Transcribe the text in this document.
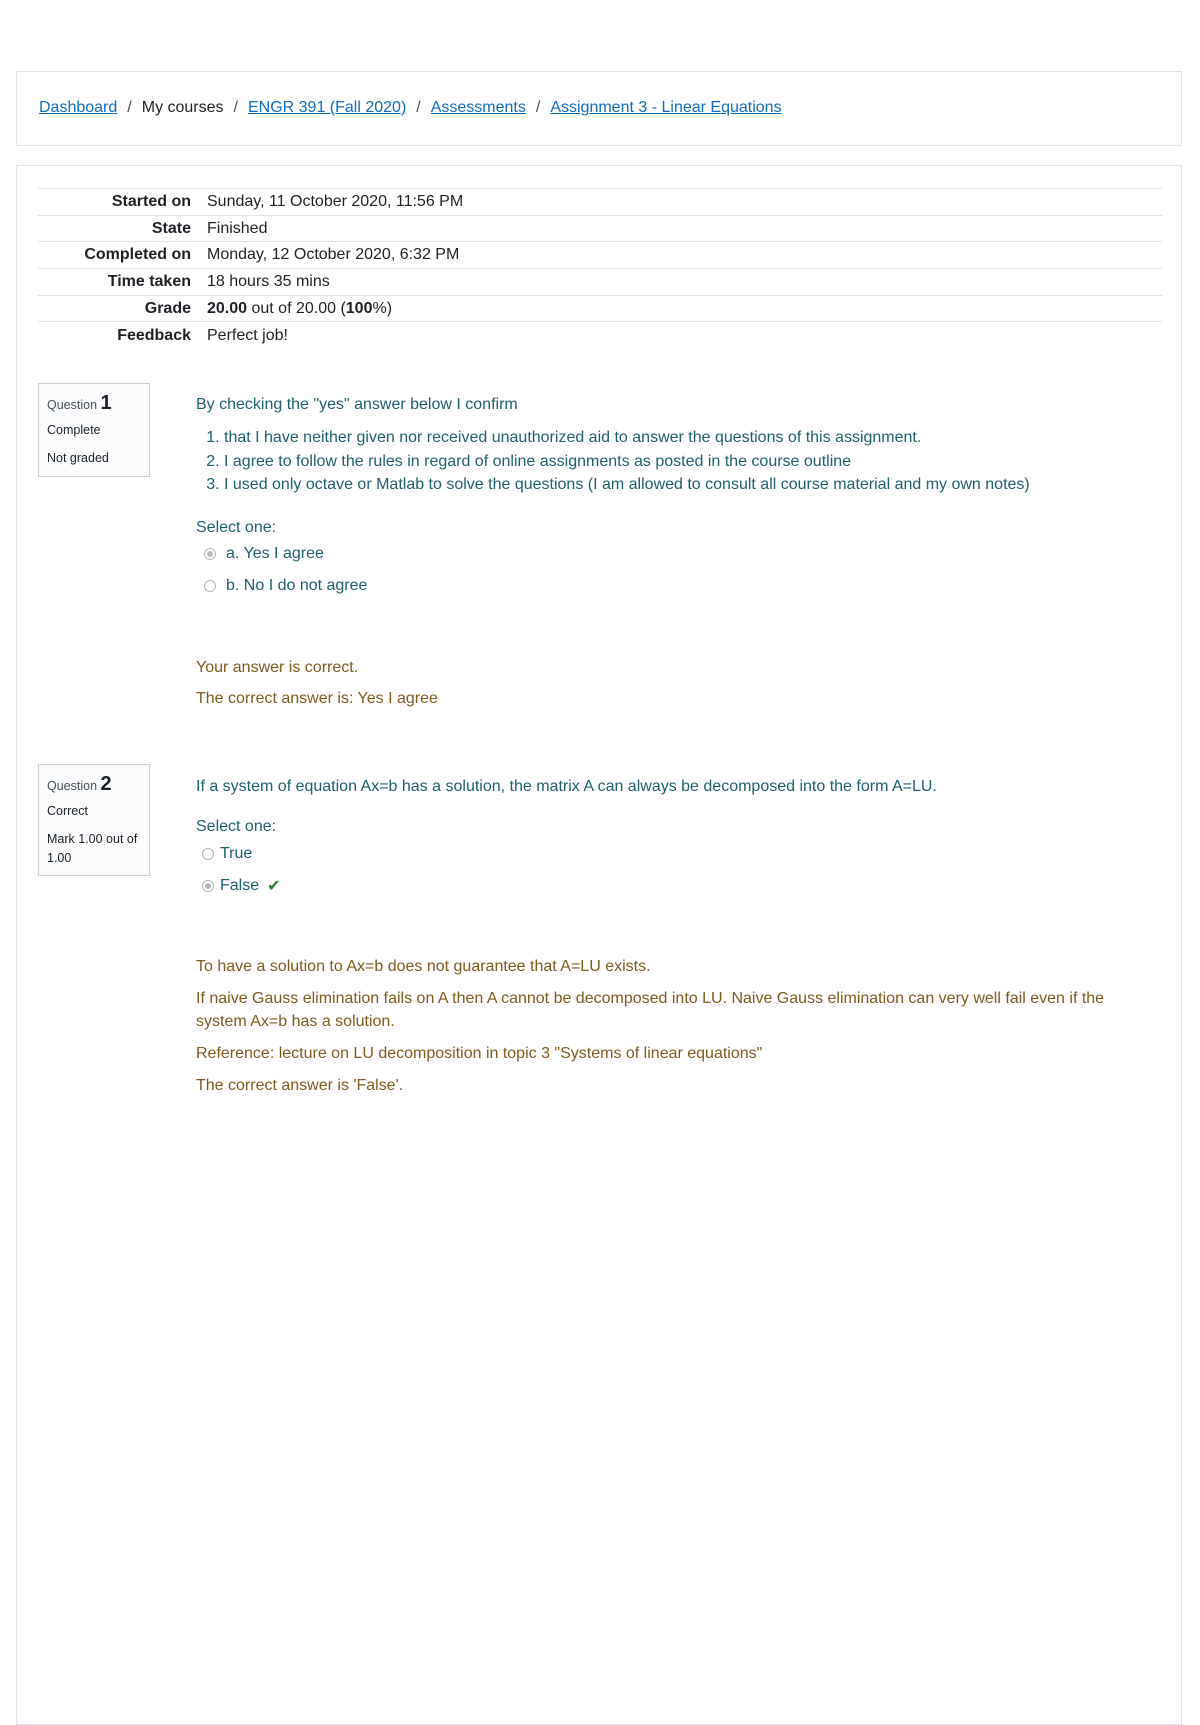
Dashboard / My courses / ENGR 391 (Fall 2020) / Assessments / Assignment 3 - Linear Equations
Started on	Sunday, 11 October 2020, 11:56 PM
State	Finished
Completed on	Monday, 12 October 2020, 6:32 PM
Time taken	18 hours 35 mins
Grade	20.00 out of 20.00 (100%)
Feedback	Perfect job!
Question 1
Complete
Not graded
By checking the "yes" answer below I confirm
1. that I have neither given nor received unauthorized aid to answer the questions of this assignment.
2. I agree to follow the rules in regard of online assignments as posted in the course outline
3. I used only octave or Matlab to solve the questions (I am allowed to consult all course material and my own notes)
Select one:
a. Yes I agree
b. No I do not agree

Your answer is correct.

The correct answer is: Yes I agree

Question 2
Correct
Mark 1.00 out of 1.00
If a system of equation Ax=b has a solution, the matrix A can always be decomposed into the form A=LU.
Select one:
True
False ✔

To have a solution to Ax=b does not guarantee that A=LU exists.

If naive Gauss elimination fails on A then A cannot be decomposed into LU. Naive Gauss elimination can very well fail even if the system Ax=b has a solution.

Reference: lecture on LU decomposition in topic 3 "Systems of linear equations"

The correct answer is 'False'.
